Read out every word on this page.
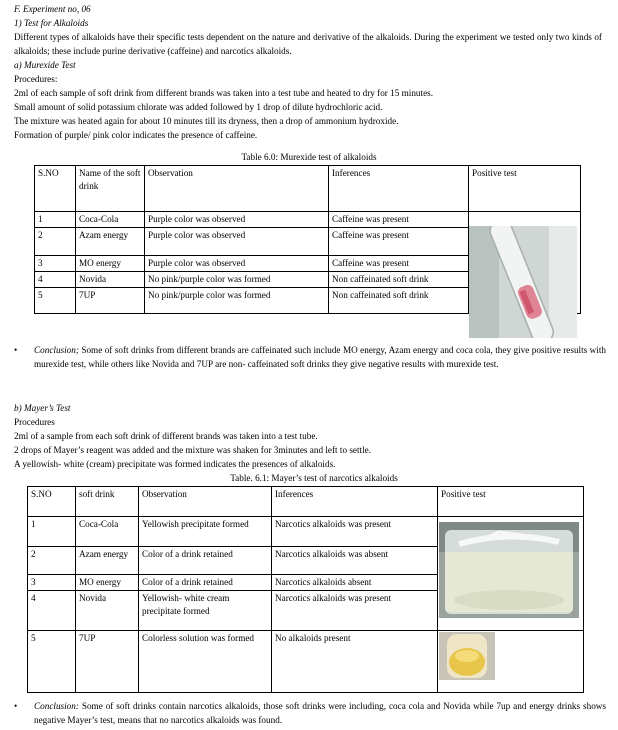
F. Experiment no, 06
1) Test for Alkaloids
Different types of alkaloids have their specific tests dependent on the nature and derivative of the alkaloids. During the experiment we tested only two kinds of alkaloids; these include purine derivative (caffeine) and narcotics alkaloids.
a) Murexide Test
Procedures:
2ml of each sample of soft drink from different brands was taken into a test tube and heated to dry for 15 minutes.
Small amount of solid potassium chlorate was added followed by 1 drop of dilute hydrochloric acid.
The mixture was heated again for about 10 minutes till its dryness, then a drop of ammonium hydroxide.
Formation of purple/ pink color indicates the presence of caffeine.
Table 6.0: Murexide test of alkaloids
S.NO	Name of the soft drink	Observation	Inferences	Positive test
1	Coca-Cola	Purple color was observed	Caffeine was present	
2	Azam energy	Purple color was observed	Caffeine was present	
3	MO energy	Purple color was observed	Caffeine was present	
4	Novida	No pink/purple color was formed	Non caffeinated soft drink	
5	7UP	No pink/purple color was formed	Non caffeinated soft drink	
•	Conclusion; Some of soft drinks from different brands are caffeinated such include MO energy, Azam energy and coca cola, they give positive results with murexide test, while others like Novida and 7UP are non- caffeinated soft drinks they give negative results with murexide test.
b) Mayer’s Test
Procedures
2ml of a sample from each soft drink of different brands was taken into a test tube.
2 drops of Mayer’s reagent was added and the mixture was shaken for 3minutes and left to settle.
A yellowish- white (cream) precipitate was formed indicates the presences of alkaloids.
Table. 6.1: Mayer’s test of narcotics alkaloids
S.NO	soft drink	Observation	Inferences	Positive test
1	Coca-Cola	Yellowish precipitate formed	Narcotics alkaloids was present	
2	Azam energy	Color of a drink retained	Narcotics alkaloids was absent	
3	MO energy	Color of a drink retained	Narcotics alkaloids absent	
4	Novida	Yellowish- white cream precipitate formed	Narcotics alkaloids was present	
5	7UP	Colorless solution was formed	No alkaloids present	
•	Conclusion: Some of soft drinks contain narcotics alkaloids, those soft drinks were including, coca cola and Novida while 7up and energy drinks shows negative Mayer’s test, means that no narcotics alkaloids was found.
